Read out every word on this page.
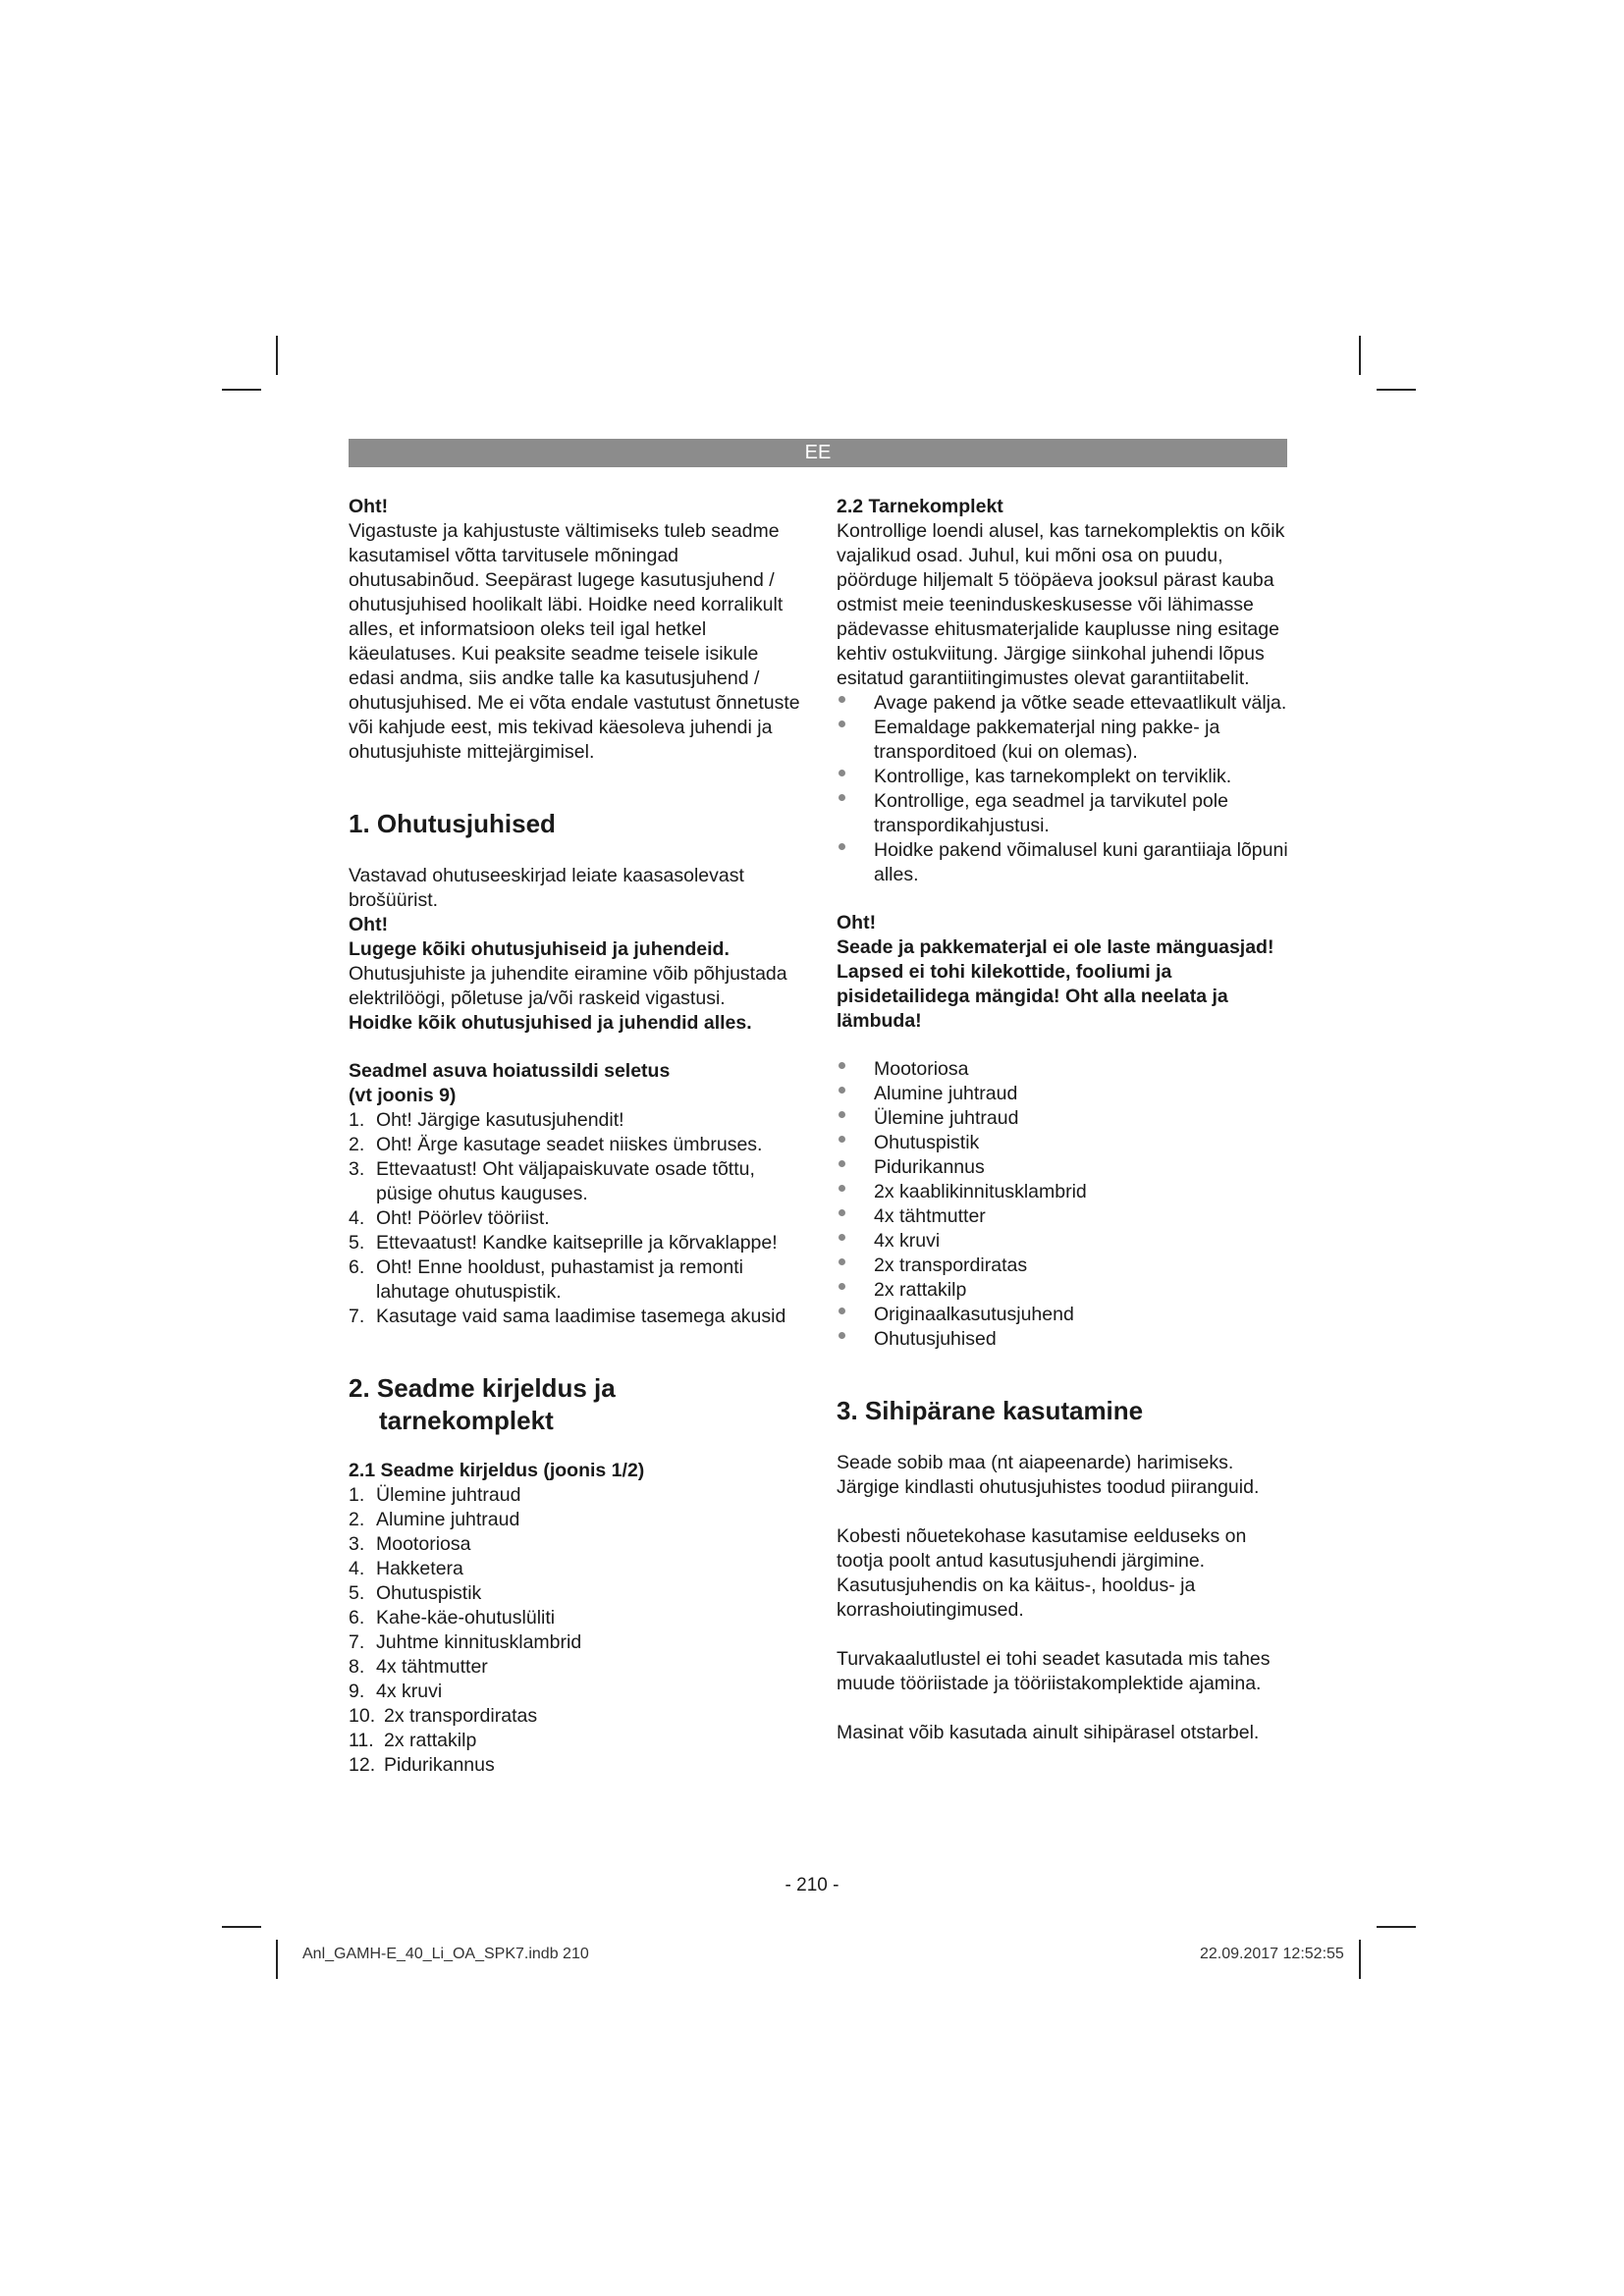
EE

Oht!

Vigastuste ja kahjustuste vältimiseks tuleb seadme kasutamisel võtta tarvitusele mõningad ohutusabinõud. Seepärast lugege kasutusjuhend / ohutusjuhised hoolikalt läbi. Hoidke need korralikult alles, et informatsioon oleks teil igal hetkel käeulatuses. Kui peaksite seadme teisele isikule edasi andma, siis andke talle ka kasutusjuhend / ohutusjuhised. Me ei võta endale vastutust õnnetuste või kahjude eest, mis tekivad käesoleva juhendi ja ohutusjuhiste mittejärgimisel.

1. Ohutusjuhised

Vastavad ohutuseeskirjad leiate kaasasolevast brošüürist.

Oht!

Lugege kõiki ohutusjuhiseid ja juhendeid.

Ohutusjuhiste ja juhendite eiramine võib põhjustada elektrilöögi, põletuse ja/või raskeid vigastusi.

Hoidke kõik ohutusjuhised ja juhendid alles.

Seadmel asuva hoiatussildi seletus

(vt joonis 9)

1. Oht! Järgige kasutusjuhendit!
2. Oht! Ärge kasutage seadet niiskes ümbruses.
3. Ettevaatust! Oht väljapaiskuvate osade tõttu, püsige ohutus kauguses.
4. Oht! Pöörlev tööriist.
5. Ettevaatust! Kandke kaitseprille ja kõrvaklappe!
6. Oht! Enne hooldust, puhastamist ja remonti lahutage ohutuspistik.
7. Kasutage vaid sama laadimise tasemega akusid
2. Seadme kirjeldus ja
tarnekomplekt

2.1 Seadme kirjeldus (joonis 1/2)

1. Ülemine juhtraud
2. Alumine juhtraud
3. Mootoriosa
4. Hakketera
5. Ohutuspistik
6. Kahe-käe-ohutuslüliti
7. Juhtme kinnitusklambrid
8. 4x tähtmutter
9. 4x kruvi
10. 2x transpordiratas
11. 2x rattakilp
12. Pidurikannus

2.2 Tarnekomplekt

Kontrollige loendi alusel, kas tarnekomplektis on kõik vajalikud osad. Juhul, kui mõni osa on puudu, pöörduge hiljemalt 5 tööpäeva jooksul pärast kauba ostmist meie teeninduskeskusesse või lähimasse pädevasse ehitusmaterjalide kauplusse ning esitage kehtiv ostukviitung. Järgige siinkohal juhendi lõpus esitatud garantiitingimustes olevat garantiitabelit.

Avage pakend ja võtke seade ettevaatlikult välja.
Eemaldage pakkematerjal ning pakke- ja transporditoed (kui on olemas).
Kontrollige, kas tarnekomplekt on terviklik.
Kontrollige, ega seadmel ja tarvikutel pole transpordikahjustusi.
Hoidke pakend võimalusel kuni garantiiaja lõpuni alles.

Oht!

Seade ja pakkematerjal ei ole laste mänguasjad! Lapsed ei tohi kilekottide, fooliumi ja pisidetailidega mängida! Oht alla neelata ja lämbuda!

Mootoriosa
Alumine juhtraud
Ülemine juhtraud
Ohutuspistik
Pidurikannus
2x kaablikinnitusklambrid
4x tähtmutter
4x kruvi
2x transpordiratas
2x rattakilp
Originaalkasutusjuhend
Ohutusjuhised
3. Sihipärane kasutamine

Seade sobib maa (nt aiapeenarde) harimiseks. Järgige kindlasti ohutusjuhistes toodud piiranguid.

Kobesti nõuetekohase kasutamise eelduseks on tootja poolt antud kasutusjuhendi järgimine. Kasutusjuhendis on ka käitus-, hooldus- ja korrashoiutingimused.

Turvakaalutlustel ei tohi seadet kasutada mis tahes muude tööriistade ja tööriistakomplektide ajamina.

Masinat võib kasutada ainult sihipärasel otstarbel.

- 210 -
Anl_GAMH-E_40_Li_OA_SPK7.indb 210	22.09.2017 12:52:55
